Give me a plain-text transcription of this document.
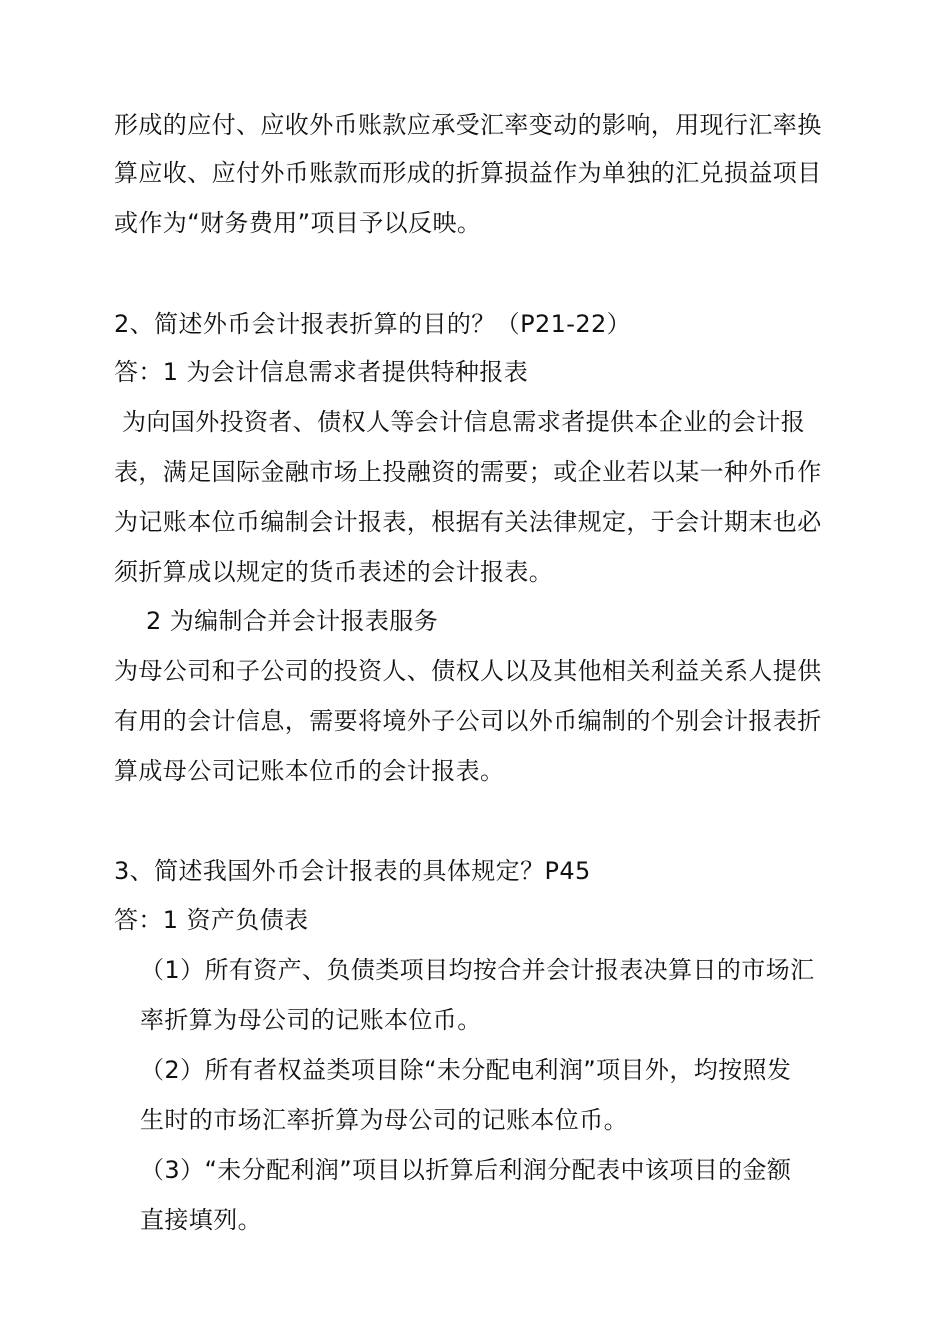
形成的应付、应收外币账款应承受汇率变动的影响，用现行汇率换
算应收、应付外币账款而形成的折算损益作为单独的汇兑损益项目
或作为“财务费用”项目予以反映。
2、简述外币会计报表折算的目的？（P21-22）
答：1 为会计信息需求者提供特种报表
为向国外投资者、债权人等会计信息需求者提供本企业的会计报
表，满足国际金融市场上投融资的需要；或企业若以某一种外币作
为记账本位币编制会计报表，根据有关法律规定，于会计期末也必
须折算成以规定的货币表述的会计报表。
2 为编制合并会计报表服务
为母公司和子公司的投资人、债权人以及其他相关利益关系人提供
有用的会计信息，需要将境外子公司以外币编制的个别会计报表折
算成母公司记账本位币的会计报表。
3、简述我国外币会计报表的具体规定？P45
答：1 资产负债表
（1）所有资产、负债类项目均按合并会计报表决算日的市场汇
率折算为母公司的记账本位币。
（2）所有者权益类项目除“未分配电利润”项目外，均按照发
生时的市场汇率折算为母公司的记账本位币。
（3）“未分配利润”项目以折算后利润分配表中该项目的金额
直接填列。
